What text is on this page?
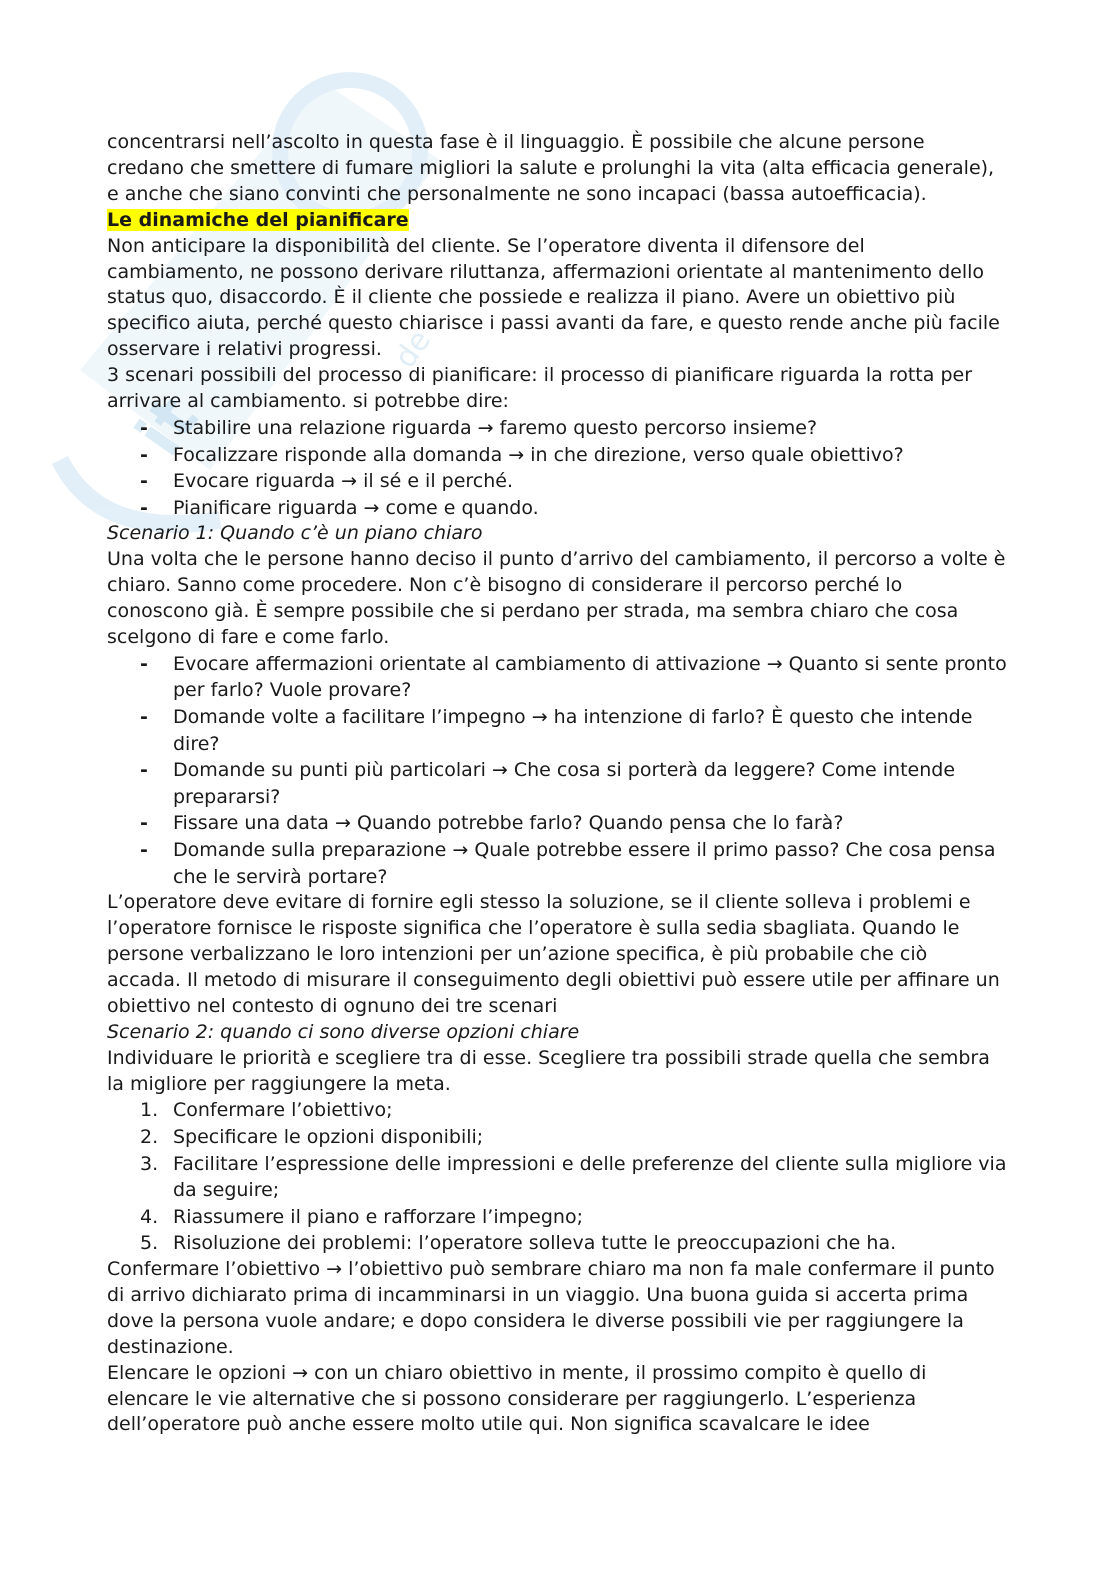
it
de

concentrarsi nell’ascolto in questa fase è il linguaggio. È possibile che alcune persone credano che smettere di fumare migliori la salute e prolunghi la vita (alta efficacia generale), e anche che siano convinti che personalmente ne sono incapaci (bassa autoefficacia).

Le dinamiche del pianificare

Non anticipare la disponibilità del cliente. Se l’operatore diventa il difensore del cambiamento, ne possono derivare riluttanza, affermazioni orientate al mantenimento dello status quo, disaccordo. È il cliente che possiede e realizza il piano. Avere un obiettivo più specifico aiuta, perché questo chiarisce i passi avanti da fare, e questo rende anche più facile osservare i relativi progressi.

3 scenari possibili del processo di pianificare: il processo di pianificare riguarda la rotta per arrivare al cambiamento. si potrebbe dire:

- Stabilire una relazione riguarda → faremo questo percorso insieme?
- Focalizzare risponde alla domanda → in che direzione, verso quale obiettivo?
- Evocare riguarda → il sé e il perché.
- Pianificare riguarda → come e quando.

Scenario 1: Quando c’è un piano chiaro

Una volta che le persone hanno deciso il punto d’arrivo del cambiamento, il percorso a volte è chiaro. Sanno come procedere. Non c’è bisogno di considerare il percorso perché lo conoscono già. È sempre possibile che si perdano per strada, ma sembra chiaro che cosa scelgono di fare e come farlo.

- Evocare affermazioni orientate al cambiamento di attivazione → Quanto si sente pronto per farlo? Vuole provare?
- Domande volte a facilitare l’impegno → ha intenzione di farlo? È questo che intende dire?
- Domande su punti più particolari → Che cosa si porterà da leggere? Come intende prepararsi?
- Fissare una data → Quando potrebbe farlo? Quando pensa che lo farà?
- Domande sulla preparazione → Quale potrebbe essere il primo passo? Che cosa pensa che le servirà portare?

L’operatore deve evitare di fornire egli stesso la soluzione, se il cliente solleva i problemi e l’operatore fornisce le risposte significa che l’operatore è sulla sedia sbagliata. Quando le persone verbalizzano le loro intenzioni per un’azione specifica, è più probabile che ciò accada. Il metodo di misurare il conseguimento degli obiettivi può essere utile per affinare un obiettivo nel contesto di ognuno dei tre scenari

Scenario 2: quando ci sono diverse opzioni chiare

Individuare le priorità e scegliere tra di esse. Scegliere tra possibili strade quella che sembra la migliore per raggiungere la meta.

1. Confermare l’obiettivo;
2. Specificare le opzioni disponibili;
3. Facilitare l’espressione delle impressioni e delle preferenze del cliente sulla migliore via da seguire;
4. Riassumere il piano e rafforzare l’impegno;
5. Risoluzione dei problemi: l’operatore solleva tutte le preoccupazioni che ha.

Confermare l’obiettivo → l’obiettivo può sembrare chiaro ma non fa male confermare il punto di arrivo dichiarato prima di incamminarsi in un viaggio. Una buona guida si accerta prima dove la persona vuole andare; e dopo considera le diverse possibili vie per raggiungere la destinazione.

Elencare le opzioni → con un chiaro obiettivo in mente, il prossimo compito è quello di elencare le vie alternative che si possono considerare per raggiungerlo. L’esperienza dell’operatore può anche essere molto utile qui. Non significa scavalcare le idee
